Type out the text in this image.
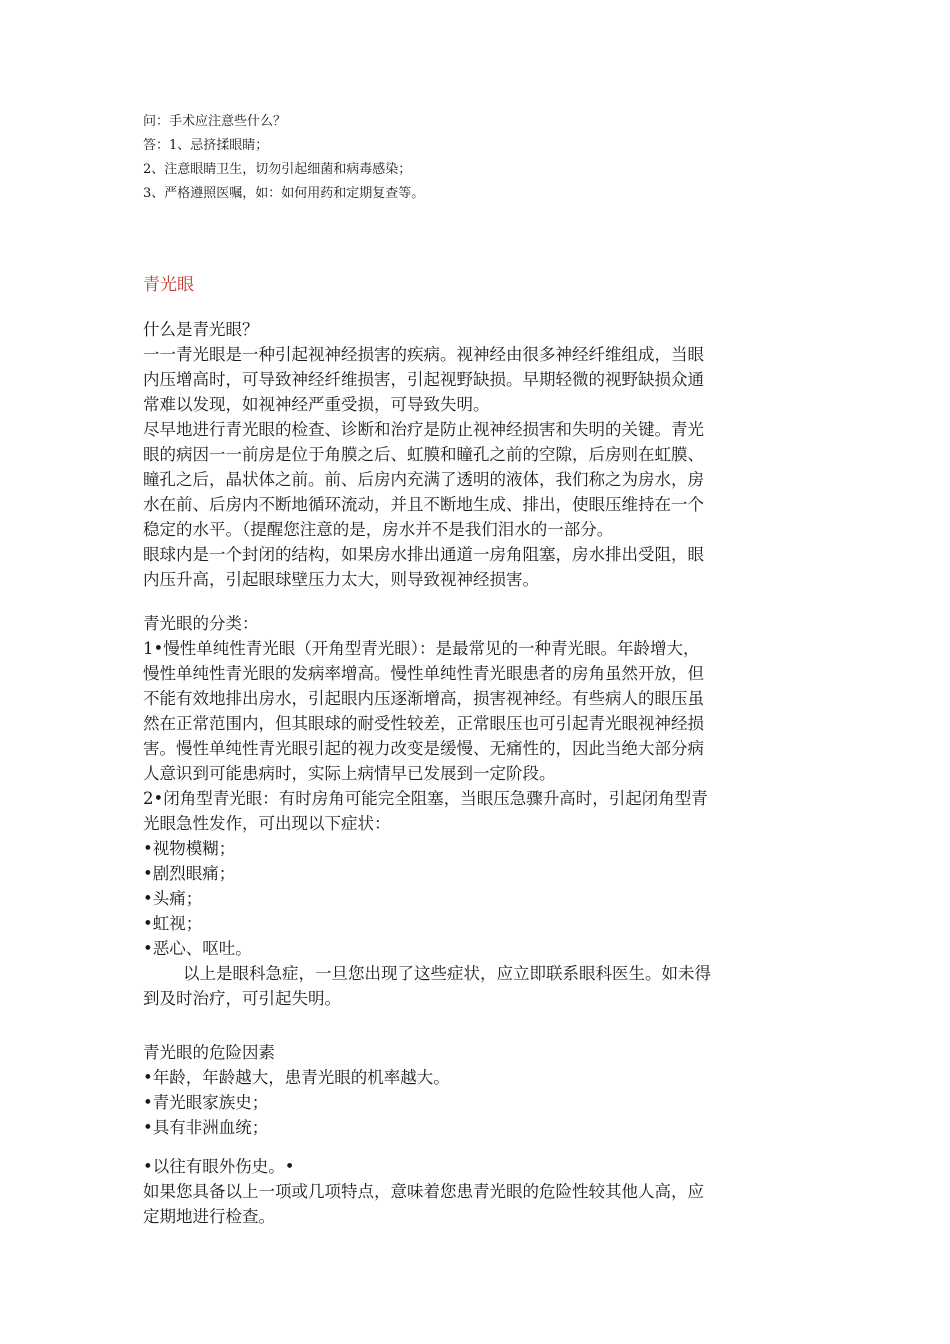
问：手术应注意些什么？

答：1、忌挤揉眼睛；

2、注意眼睛卫生，切勿引起细菌和病毒感染；

3、严格遵照医嘱，如：如何用药和定期复查等。

青光眼

什么是青光眼？

一一青光眼是一种引起视神经损害的疾病。视神经由很多神经纤维组成，当眼

内压增高时，可导致神经纤维损害，引起视野缺损。早期轻微的视野缺损众通

常难以发现，如视神经严重受损，可导致失明。

尽早地进行青光眼的检查、诊断和治疗是防止视神经损害和失明的关键。青光

眼的病因一一前房是位于角膜之后、虹膜和瞳孔之前的空隙，后房则在虹膜、

瞳孔之后，晶状体之前。前、后房内充满了透明的液体，我们称之为房水，房

水在前、后房内不断地循环流动，并且不断地生成、排出，使眼压维持在一个

稳定的水平。（提醒您注意的是，房水并不是我们泪水的一部分。

眼球内是一个封闭的结构，如果房水排出通道一房角阻塞，房水排出受阻，眼

内压升高，引起眼球壁压力太大，则导致视神经损害。

青光眼的分类：

1•慢性单纯性青光眼（开角型青光眼）：是最常见的一种青光眼。年龄增大，

慢性单纯性青光眼的发病率增高。慢性单纯性青光眼患者的房角虽然开放，但

不能有效地排出房水，引起眼内压逐渐增高，损害视神经。有些病人的眼压虽

然在正常范围内，但其眼球的耐受性较差，正常眼压也可引起青光眼视神经损

害。慢性单纯性青光眼引起的视力改变是缓慢、无痛性的，因此当绝大部分病

人意识到可能患病时，实际上病情早已发展到一定阶段。

2•闭角型青光眼：有时房角可能完全阻塞，当眼压急骤升高时，引起闭角型青

光眼急性发作，可出现以下症状：

•视物模糊；

•剧烈眼痛；

•头痛；

•虹视；

•恶心、呕吐。

以上是眼科急症，一旦您出现了这些症状，应立即联系眼科医生。如未得

到及时治疗，可引起失明。

青光眼的危险因素

•年龄，年龄越大，患青光眼的机率越大。

•青光眼家族史；

•具有非洲血统；

•以往有眼外伤史。•

如果您具备以上一项或几项特点，意味着您患青光眼的危险性较其他人高，应

定期地进行检查。
